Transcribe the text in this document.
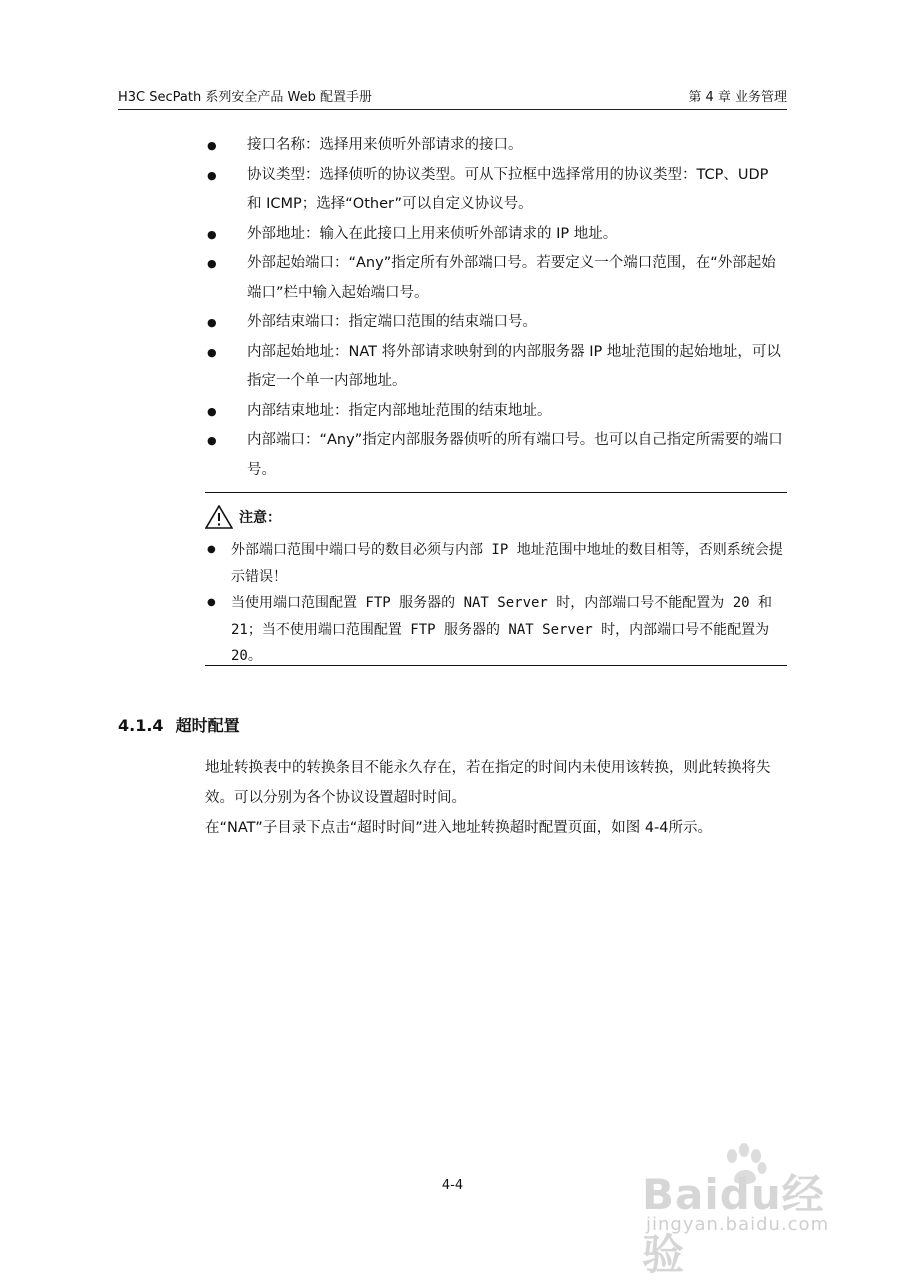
H3C SecPath 系列安全产品 Web 配置手册	第 4 章 业务管理
● 接口名称：选择用来侦听外部请求的接口。
● 协议类型：选择侦听的协议类型。可从下拉框中选择常用的协议类型：TCP、UDP 和 ICMP；选择“Other”可以自定义协议号。
● 外部地址：输入在此接口上用来侦听外部请求的 IP 地址。
● 外部起始端口：“Any”指定所有外部端口号。若要定义一个端口范围，在“外部起始端口”栏中输入起始端口号。
● 外部结束端口：指定端口范围的结束端口号。
● 内部起始地址：NAT 将外部请求映射到的内部服务器 IP 地址范围的起始地址，可以指定一个单一内部地址。
● 内部结束地址：指定内部地址范围的结束地址。
● 内部端口：“Any”指定内部服务器侦听的所有端口号。也可以自己指定所需要的端口号。
注意：
● 外部端口范围中端口号的数目必须与内部 IP 地址范围中地址的数目相等，否则系统会提示错误！
● 当使用端口范围配置 FTP 服务器的 NAT Server 时，内部端口号不能配置为 20 和 21；当不使用端口范围配置 FTP 服务器的 NAT Server 时，内部端口号不能配置为 20。
4.1.4 超时配置

地址转换表中的转换条目不能永久存在，若在指定的时间内未使用该转换，则此转换将失效。可以分别为各个协议设置超时时间。

在“NAT”子目录下点击“超时时间”进入地址转换超时配置页面，如图 4-4所示。

4-4	Baidu经验
jingyan.baidu.com
